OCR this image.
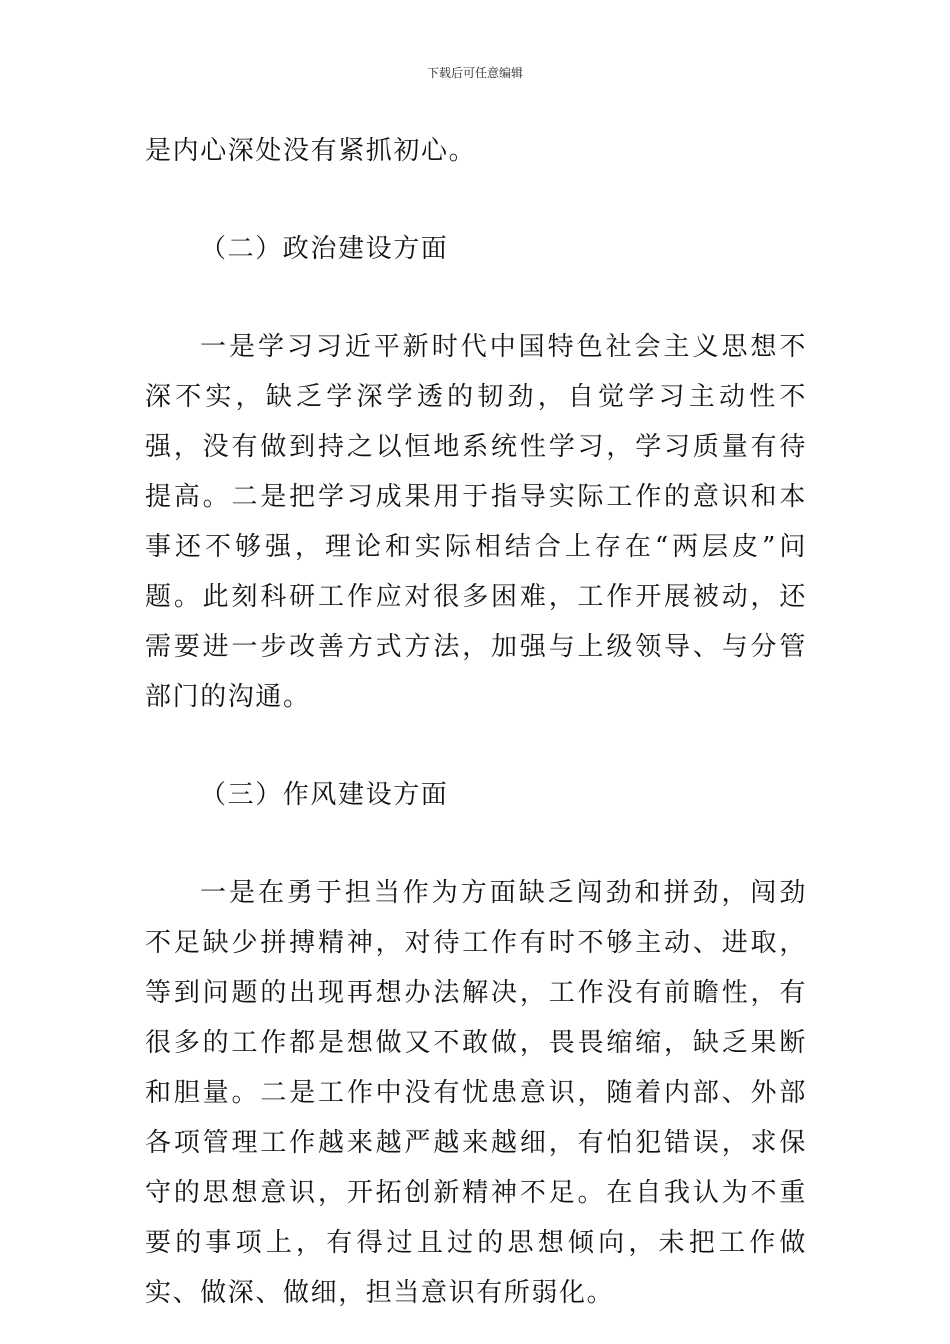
下载后可任意编辑

是内心深处没有紧抓初心。

（二）政治建设方面

一是学习习近平新时代中国特色社会主义思想不深不实，缺乏学深学透的韧劲，自觉学习主动性不强，没有做到持之以恒地系统性学习，学习质量有待提高。二是把学习成果用于指导实际工作的意识和本事还不够强，理论和实际相结合上存在“两层皮”问题。此刻科研工作应对很多困难，工作开展被动，还需要进一步改善方式方法，加强与上级领导、与分管部门的沟通。

（三）作风建设方面

一是在勇于担当作为方面缺乏闯劲和拼劲，闯劲不足缺少拼搏精神，对待工作有时不够主动、进取，等到问题的出现再想办法解决，工作没有前瞻性，有很多的工作都是想做又不敢做，畏畏缩缩，缺乏果断和胆量。二是工作中没有忧患意识，随着内部、外部各项管理工作越来越严越来越细，有怕犯错误，求保守的思想意识，开拓创新精神不足。在自我认为不重要的事项上，有得过且过的思想倾向，未把工作做实、做深、做细，担当意识有所弱化。
